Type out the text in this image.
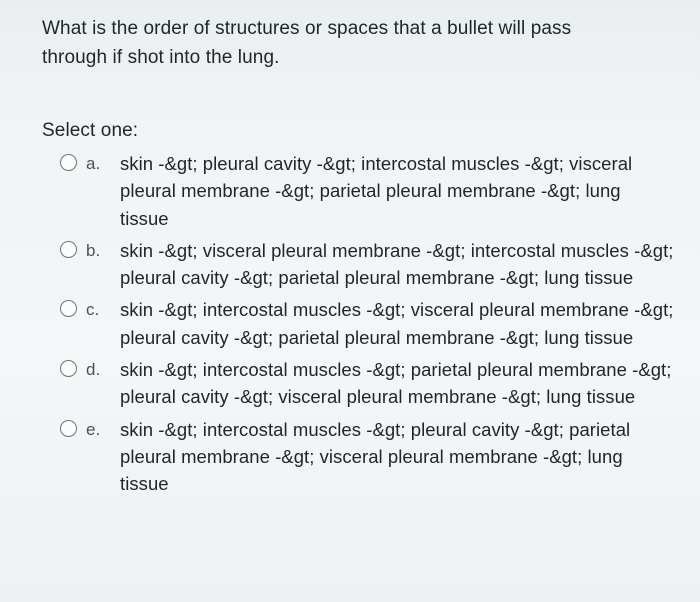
What is the order of structures or spaces that a bullet will pass through if shot into the lung.

Select one:

a.	skin -&gt; pleural cavity -&gt; intercostal muscles -&gt; visceral pleural membrane -&gt; parietal pleural membrane -&gt; lung tissue
b.	skin -&gt; visceral pleural membrane -&gt; intercostal muscles -&gt; pleural cavity -&gt; parietal pleural membrane -&gt; lung tissue
c.	skin -&gt; intercostal muscles -&gt; visceral pleural membrane -&gt; pleural cavity -&gt; parietal pleural membrane -&gt; lung tissue
d.	skin -&gt; intercostal muscles -&gt; parietal pleural membrane -&gt; pleural cavity -&gt; visceral pleural membrane -&gt; lung tissue
e.	skin -&gt; intercostal muscles -&gt; pleural cavity -&gt; parietal pleural membrane -&gt; visceral pleural membrane -&gt; lung tissue
